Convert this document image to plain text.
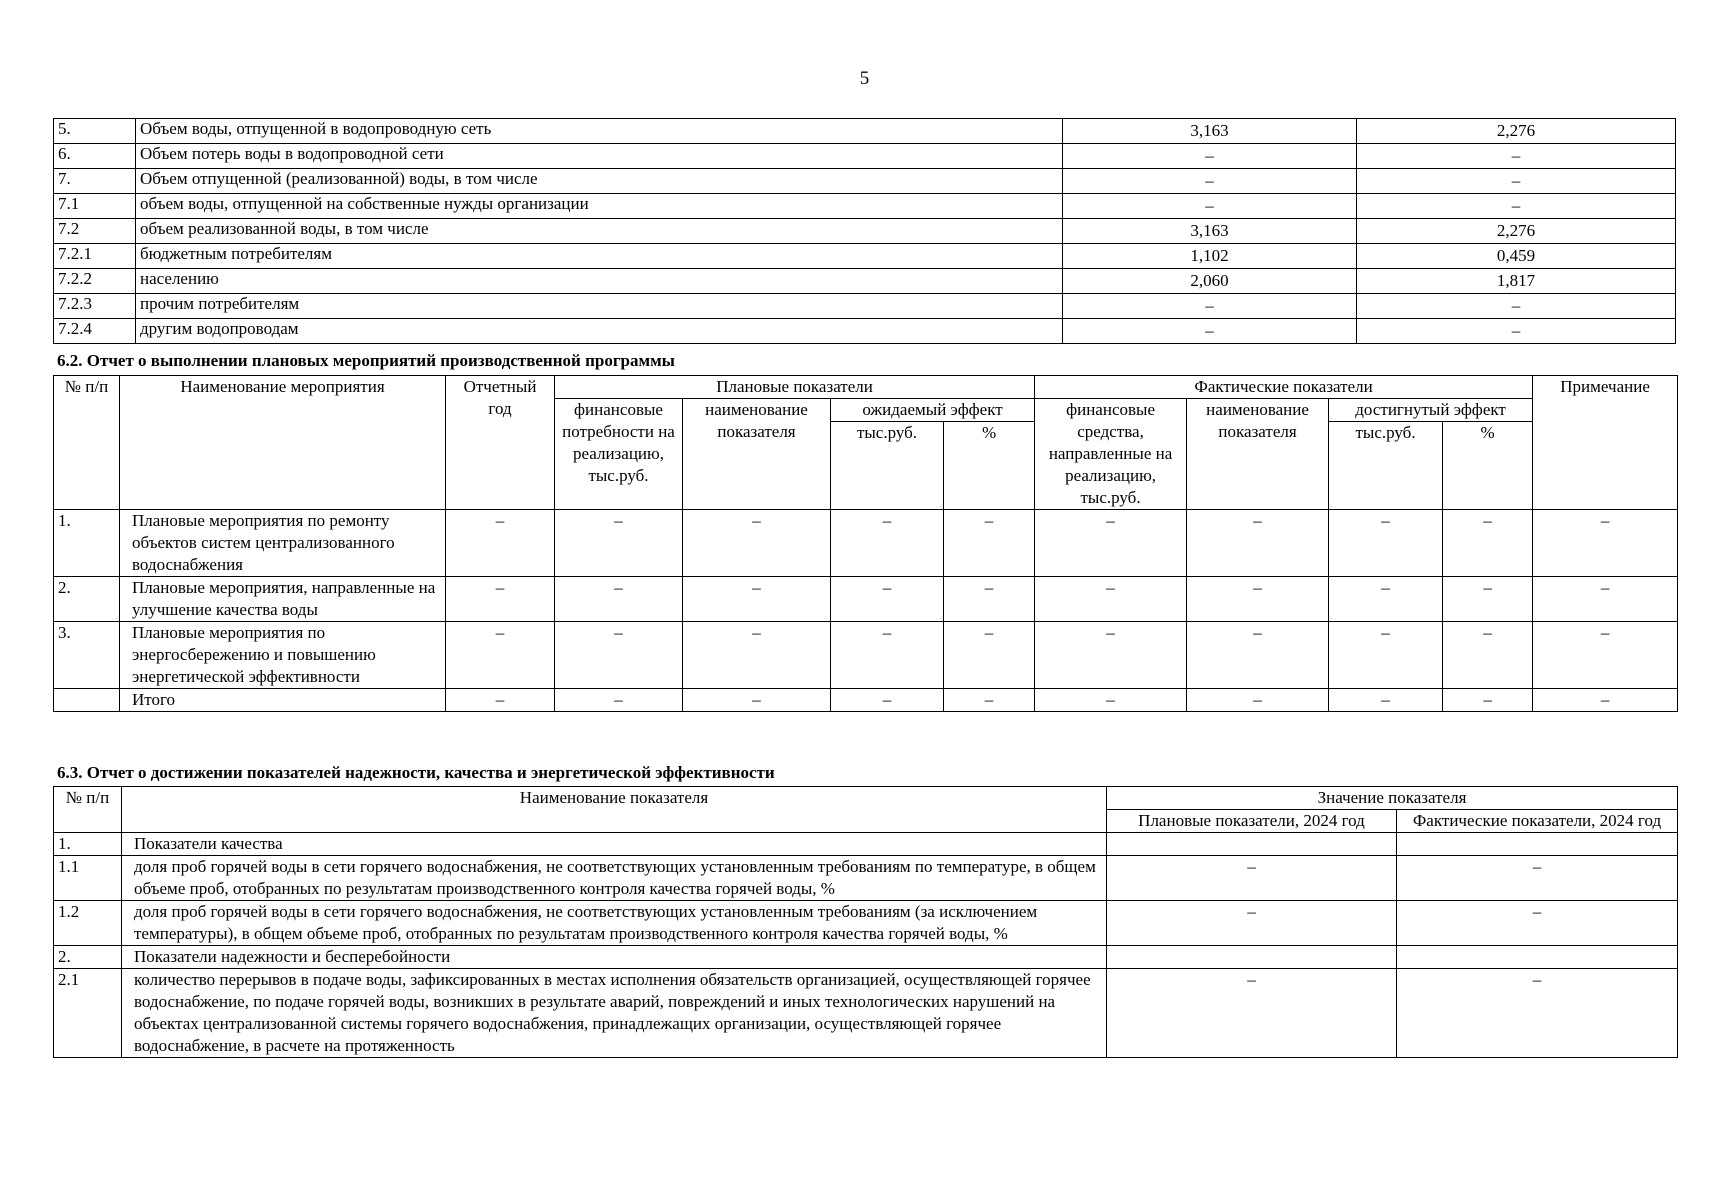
5
5.	Объем воды, отпущенной в водопроводную сеть	3,163	2,276
6.	Объем потерь воды в водопроводной сети	–	–
7.	Объем отпущенной (реализованной) воды, в том числе	–	–
7.1	объем воды, отпущенной на собственные нужды организации	–	–
7.2	объем реализованной воды, в том числе	3,163	2,276
7.2.1	бюджетным потребителям	1,102	0,459
7.2.2	населению	2,060	1,817
7.2.3	прочим потребителям	–	–
7.2.4	другим водопроводам	–	–
6.2. Отчет о выполнении плановых мероприятий производственной программы
№ п/п	Наименование мероприятия	Отчетный год	Плановые показатели				Фактические показатели				Примечание
			финансовые потребности на реализацию, тыс.руб.	наименование показателя	ожидаемый эффект		финансовые средства, направленные на реализацию, тыс.руб.	наименование показателя	достигнутый эффект		
					тыс.руб.	%			тыс.руб.	%	
1.	Плановые мероприятия по ремонту объектов систем централизованного водоснабжения	–	–	–	–	–	–	–	–	–	–
2.	Плановые мероприятия, направленные на улучшение качества воды	–	–	–	–	–	–	–	–	–	–
3.	Плановые мероприятия по энергосбережению и повышению энергетической эффективности	–	–	–	–	–	–	–	–	–	–
	Итого	–	–	–	–	–	–	–	–	–	–
6.3. Отчет о достижении показателей надежности, качества и энергетической эффективности
№ п/п	Наименование показателя	Значение показателя	
		Плановые показатели, 2024 год	Фактические показатели, 2024 год
1.	Показатели качества		
1.1	доля проб горячей воды в сети горячего водоснабжения, не соответствующих установленным требованиям по температуре, в общем объеме проб, отобранных по результатам производственного контроля качества горячей воды, %	–	–
1.2	доля проб горячей воды в сети горячего водоснабжения, не соответствующих установленным требованиям (за исключением температуры), в общем объеме проб, отобранных по результатам производственного контроля качества горячей воды, %	–	–
2.	Показатели надежности и бесперебойности		
2.1	количество перерывов в подаче воды, зафиксированных в местах исполнения обязательств организацией, осуществляющей горячее водоснабжение, по подаче горячей воды, возникших в результате аварий, повреждений и иных технологических нарушений на объектах централизованной системы горячего водоснабжения, принадлежащих организации, осуществляющей горячее водоснабжение, в расчете на протяженность	–	–
